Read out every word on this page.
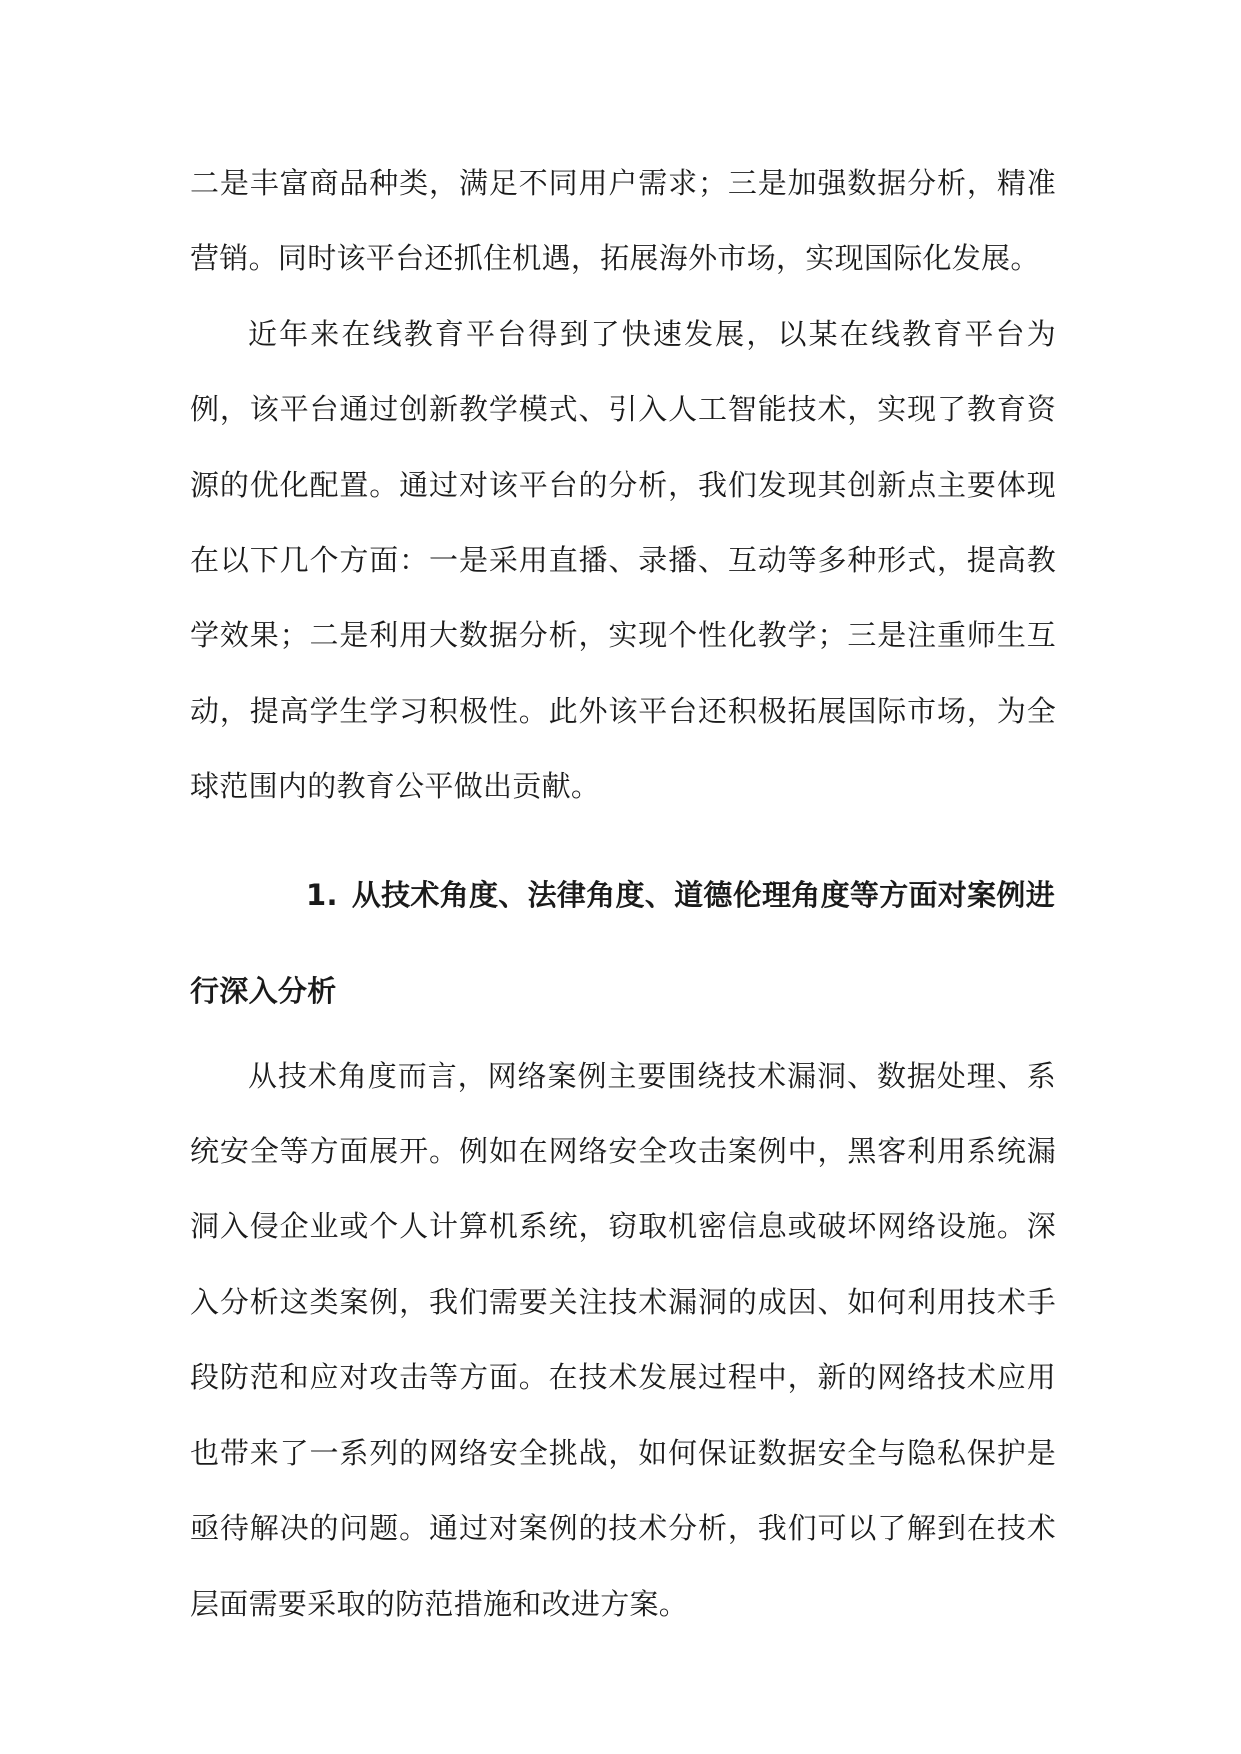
二是丰富商品种类，满足不同用户需求；三是加强数据分析，精准营销。同时该平台还抓住机遇，拓展海外市场，实现国际化发展。

近年来在线教育平台得到了快速发展，以某在线教育平台为例，该平台通过创新教学模式、引入人工智能技术，实现了教育资源的优化配置。通过对该平台的分析，我们发现其创新点主要体现在以下几个方面：一是采用直播、录播、互动等多种形式，提高教学效果；二是利用大数据分析，实现个性化教学；三是注重师生互动，提高学生学习积极性。此外该平台还积极拓展国际市场，为全球范围内的教育公平做出贡献。

1. 从技术角度、法律角度、道德伦理角度等方面对案例进行深入分析

从技术角度而言，网络案例主要围绕技术漏洞、数据处理、系统安全等方面展开。例如在网络安全攻击案例中，黑客利用系统漏洞入侵企业或个人计算机系统，窃取机密信息或破坏网络设施。深入分析这类案例，我们需要关注技术漏洞的成因、如何利用技术手段防范和应对攻击等方面。在技术发展过程中，新的网络技术应用也带来了一系列的网络安全挑战，如何保证数据安全与隐私保护是亟待解决的问题。通过对案例的技术分析，我们可以了解到在技术层面需要采取的防范措施和改进方案。
